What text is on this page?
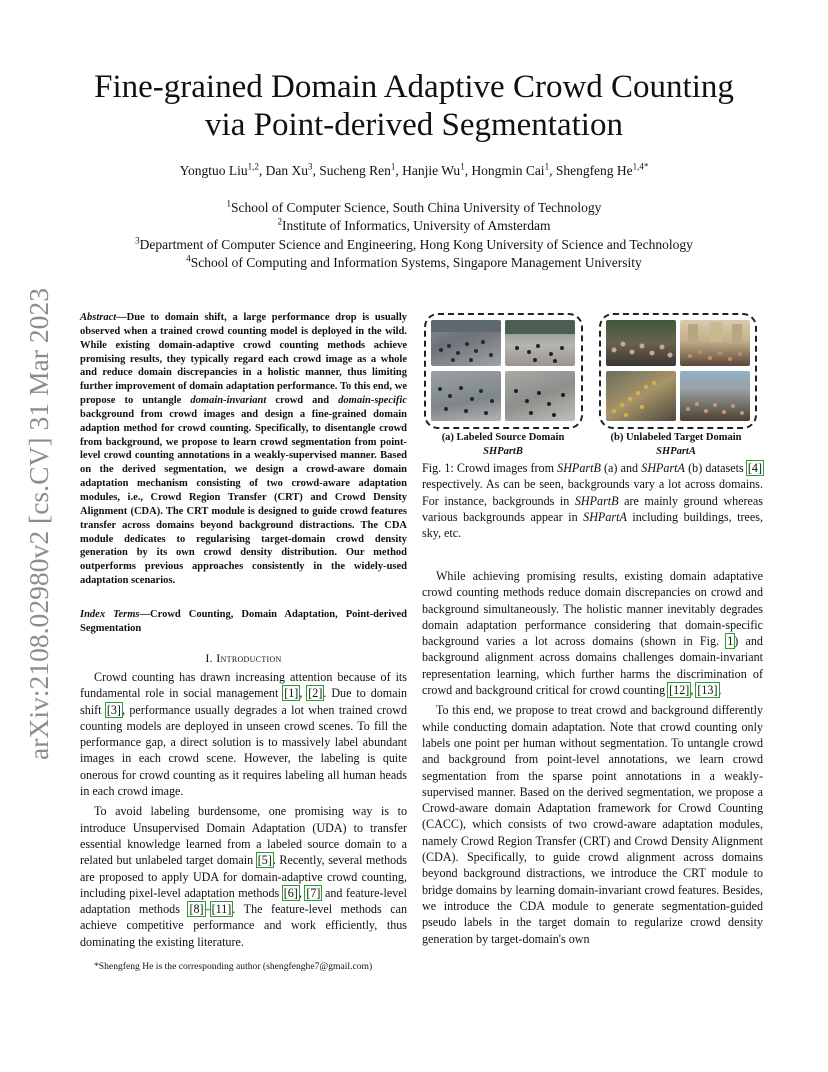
Fine-grained Domain Adaptive Crowd Counting
via Point-derived Segmentation
Yongtuo Liu$^{1,2}$, Dan Xu$^3$, Sucheng Ren$^1$, Hanjie Wu$^1$, Hongmin Cai$^1$, Shengfeng $He^{1,4*}$
$^1$School of Computer Science, South China University of Technology
$^2$Institute of Informatics, University of Amsterdam
$^3$Department of Computer Science and Engineering, Hong Kong University of Science and Technology
$^4$School of Computing and Information Systems, Singapore Management University
arXiv:2108.02980v2 [cs.CV] 31 Mar 2023 Abstract—Due to domain shift, a large performance drop is usually observed when a trained crowd counting model is deployed in the wild. While existing domain-adaptive crowd counting methods achieve promising results, they typically regard each crowd image as a whole and reduce domain discrepancies in a holistic manner, thus limiting further improvement of domain adaptation performance. To this end, we propose to untangle domain-invariant crowd and domain-specific background from crowd images and design a fine-grained domain adaption method for crowd counting. Specifically, to disentangle crowd from background, we propose to learn crowd segmentation from point-level crowd counting annotations in a weakly-supervised manner. Based on the derived segmentation, we design a crowd-aware domain adaptation mechanism consisting of two crowd-aware adaptation modules, i.e., Crowd Region Transfer (CRT) and Crowd Density Alignment (CDA). The CRT module is designed to guide crowd features transfer across domains beyond background distractions. The CDA module dedicates to regularising target-domain crowd density generation by its own crowd density distribution. Our method outperforms previous approaches consistently in the widely-used adaptation scenarios.
Index Terms—Crowd Counting, Domain Adaptation, Point-derived Segmentation
I. Introduction

Crowd counting has drawn increasing attention because of its fundamental role in social management [1], [2]. Due to domain shift [3], performance usually degrades a lot when trained crowd counting models are deployed in unseen crowd scenes. To fill the performance gap, a direct solution is to massively label abundant images in each crowd scene. However, the labeling is quite onerous for crowd counting as it requires labeling all human heads in each crowd image.

To avoid labeling burdensome, one promising way is to introduce Unsupervised Domain Adaptation (UDA) to transfer essential knowledge learned from a labeled source domain to a related but unlabeled target domain [5]. Recently, several methods are proposed to apply UDA for domain-adaptive crowd counting, including pixel-level adaptation methods [6], [7] and feature-level adaptation methods [8]–[11]. The feature-level methods can achieve competitive performance and work efficiently, thus dominating the existing literature.

*Shengfeng He is the corresponding author (shengfenghe7@gmail.com)
(a) Labeled Source Domain
SHPartB
(b) Unlabeled Target Domain
SHPartA
Fig. 1: Crowd images from SHPartB (a) and SHPartA (b) datasets [4] respectively. As can be seen, backgrounds vary a lot across domains. For instance, backgrounds in SHPartB are mainly ground whereas various backgrounds appear in SHPartA including buildings, trees, sky, etc.

While achieving promising results, existing domain adaptative crowd counting methods reduce domain discrepancies on crowd and background simultaneously. The holistic manner inevitably degrades domain adaptation performance considering that domain-specific background varies a lot across domains (shown in Fig. 1) and background alignment across domains challenges domain-invariant representation learning, which further harms the discrimination of crowd and background critical for crowd counting [12], [13].

To this end, we propose to treat crowd and background differently while conducting domain adaptation. Note that crowd counting only labels one point per human without segmentation. To untangle crowd and background from point-level annotations, we learn crowd segmentation from the sparse point annotations in a weakly-supervised manner. Based on the derived segmentation, we propose a Crowd-aware domain Adaptation framework for Crowd Counting (CACC), which consists of two crowd-aware adaptation modules, namely Crowd Region Transfer (CRT) and Crowd Density Alignment (CDA). Specifically, to guide crowd alignment across domains beyond background distractions, we introduce the CRT module to bridge domains by learning domain-invariant crowd features. Besides, we introduce the CDA module to generate segmentation-guided pseudo labels in the target domain to regularize crowd density generation by target-domain's own
